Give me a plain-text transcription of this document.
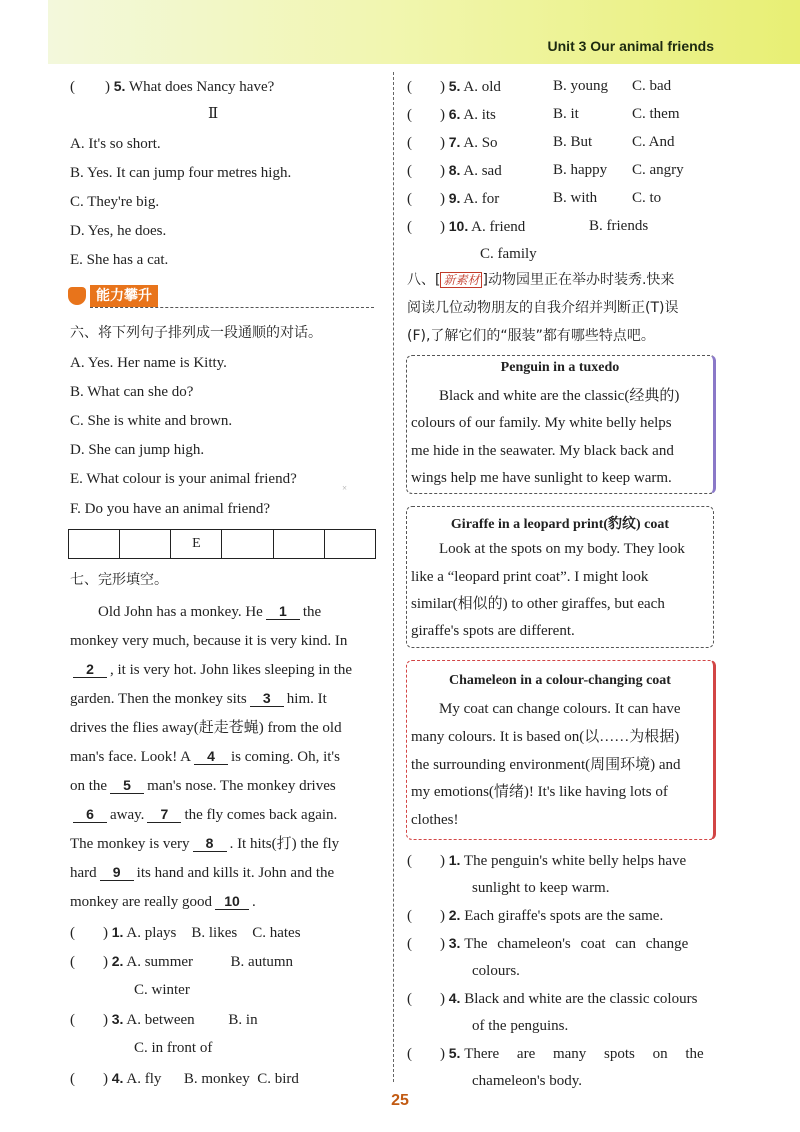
Unit 3 Our animal friends
( ) 5. What does Nancy have?
Ⅱ
A. It's so short.
B. Yes. It can jump four metres high.
C. They're big.
D. Yes, he does.
E. She has a cat.
能力攀升
六、将下列句子排列成一段通顺的对话。
A. Yes. Her name is Kitty.
B. What can she do?
C. She is white and brown.
D. She can jump high.
E. What colour is your animal friend?
×
F. Do you have an animal friend?
		E			
七、完形填空。
Old John has a monkey. He 1 the
monkey very much, because it is very kind. In
2 , it is very hot. John likes sleeping in the
garden. Then the monkey sits 3 him. It
drives the flies away(赶走苍蝇) from the old
man's face. Look! A 4 is coming. Oh, it's
on the 5 man's nose. The monkey drives
6 away. 7 the fly comes back again.
The monkey is very 8 . It hits(打) the fly
hard 9 its hand and kills it. John and the
monkey are really good 10 .
( ) 1. A. plays    B. likes    C. hates
( ) 2. A. summer          B. autumn
C. winter
( ) 3. A. between         B. in
C. in front of
( ) 4. A. fly      B. monkey  C. bird
( ) 5. A. old	B. young C. bad
( ) 6. A. its	B. it	C. them
( ) 7. A. So	B. But	C. And
( ) 8. A. sad	B. happy C. angry
( ) 9. A. for	B. with C. to
( ) 10. A. friend	B. friends
C. family
八、[ 新素材 ]动物园里正在举办时装秀.快来
阅读几位动物朋友的自我介绍并判断正(T)误
(F),了解它们的“服装”都有哪些特点吧。
Penguin in a tuxedo
Black and white are the classic(经典的)
colours of our family. My white belly helps
me hide in the seawater. My black back and
wings help me have sunlight to keep warm.
Giraffe in a leopard print(豹纹) coat
Look at the spots on my body. They look
like a “leopard print coat”. I might look
similar(相似的) to other giraffes, but each
giraffe's spots are different.
Chameleon in a colour-changing coat
My coat can change colours. It can have
many colours. It is based on(以……为根据)
the surrounding environment(周围环境) and
my emotions(情绪)! It's like having lots of
clothes!
( ) 1. The penguin's white belly helps have
sunlight to keep warm.
( ) 2. Each giraffe's spots are the same.
( ) 3. The chameleon's coat can change
colours.
( ) 4. Black and white are the classic colours
of the penguins.
( ) 5. There are many spots on the
chameleon's body.
25
